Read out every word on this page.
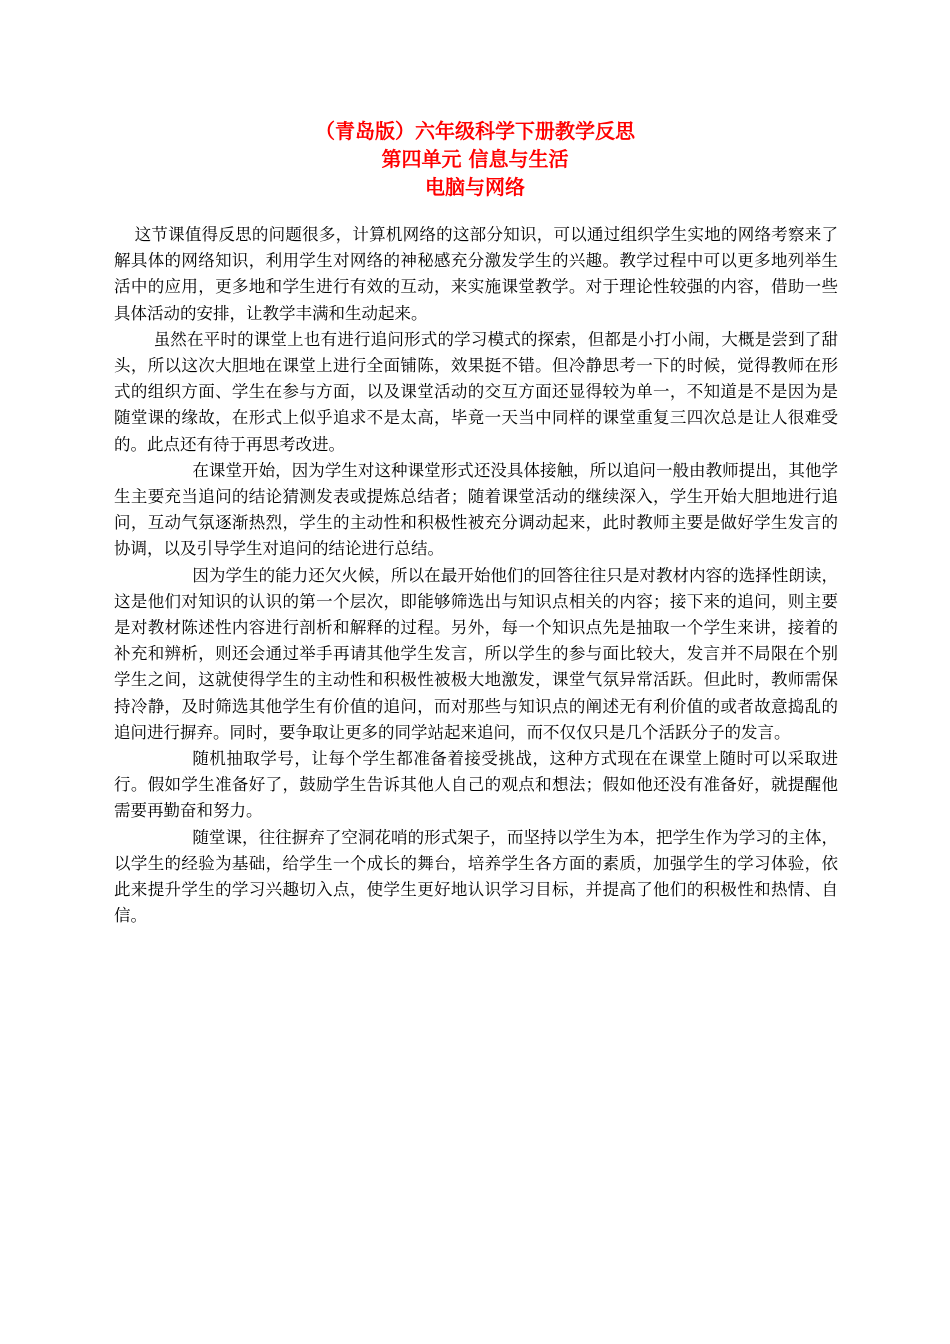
（青岛版）六年级科学下册教学反思
第四单元 信息与生活
电脑与网络

这节课值得反思的问题很多，计算机网络的这部分知识，可以通过组织学生实地的网络考察来了解具体的网络知识，利用学生对网络的神秘感充分激发学生的兴趣。教学过程中可以更多地列举生活中的应用，更多地和学生进行有效的互动，来实施课堂教学。对于理论性较强的内容，借助一些具体活动的安排，让教学丰满和生动起来。

虽然在平时的课堂上也有进行追问形式的学习模式的探索，但都是小打小闹，大概是尝到了甜头，所以这次大胆地在课堂上进行全面铺陈，效果挺不错。但冷静思考一下的时候，觉得教师在形式的组织方面、学生在参与方面，以及课堂活动的交互方面还显得较为单一，不知道是不是因为是随堂课的缘故，在形式上似乎追求不是太高，毕竟一天当中同样的课堂重复三四次总是让人很难受的。此点还有待于再思考改进。

在课堂开始，因为学生对这种课堂形式还没具体接触，所以追问一般由教师提出，其他学生主要充当追问的结论猜测发表或提炼总结者；随着课堂活动的继续深入，学生开始大胆地进行追问，互动气氛逐渐热烈，学生的主动性和积极性被充分调动起来，此时教师主要是做好学生发言的协调，以及引导学生对追问的结论进行总结。

因为学生的能力还欠火候，所以在最开始他们的回答往往只是对教材内容的选择性朗读，这是他们对知识的认识的第一个层次，即能够筛选出与知识点相关的内容；接下来的追问，则主要是对教材陈述性内容进行剖析和解释的过程。另外，每一个知识点先是抽取一个学生来讲，接着的补充和辨析，则还会通过举手再请其他学生发言，所以学生的参与面比较大，发言并不局限在个别学生之间，这就使得学生的主动性和积极性被极大地激发，课堂气氛异常活跃。但此时，教师需保持冷静，及时筛选其他学生有价值的追问，而对那些与知识点的阐述无有利价值的或者故意捣乱的追问进行摒弃。同时，要争取让更多的同学站起来追问，而不仅仅只是几个活跃分子的发言。

随机抽取学号，让每个学生都准备着接受挑战，这种方式现在在课堂上随时可以采取进行。假如学生准备好了，鼓励学生告诉其他人自己的观点和想法；假如他还没有准备好，就提醒他需要再勤奋和努力。

随堂课，往往摒弃了空洞花哨的形式架子，而坚持以学生为本，把学生作为学习的主体，以学生的经验为基础，给学生一个成长的舞台，培养学生各方面的素质，加强学生的学习体验，依此来提升学生的学习兴趣切入点，使学生更好地认识学习目标，并提高了他们的积极性和热情、自信。
